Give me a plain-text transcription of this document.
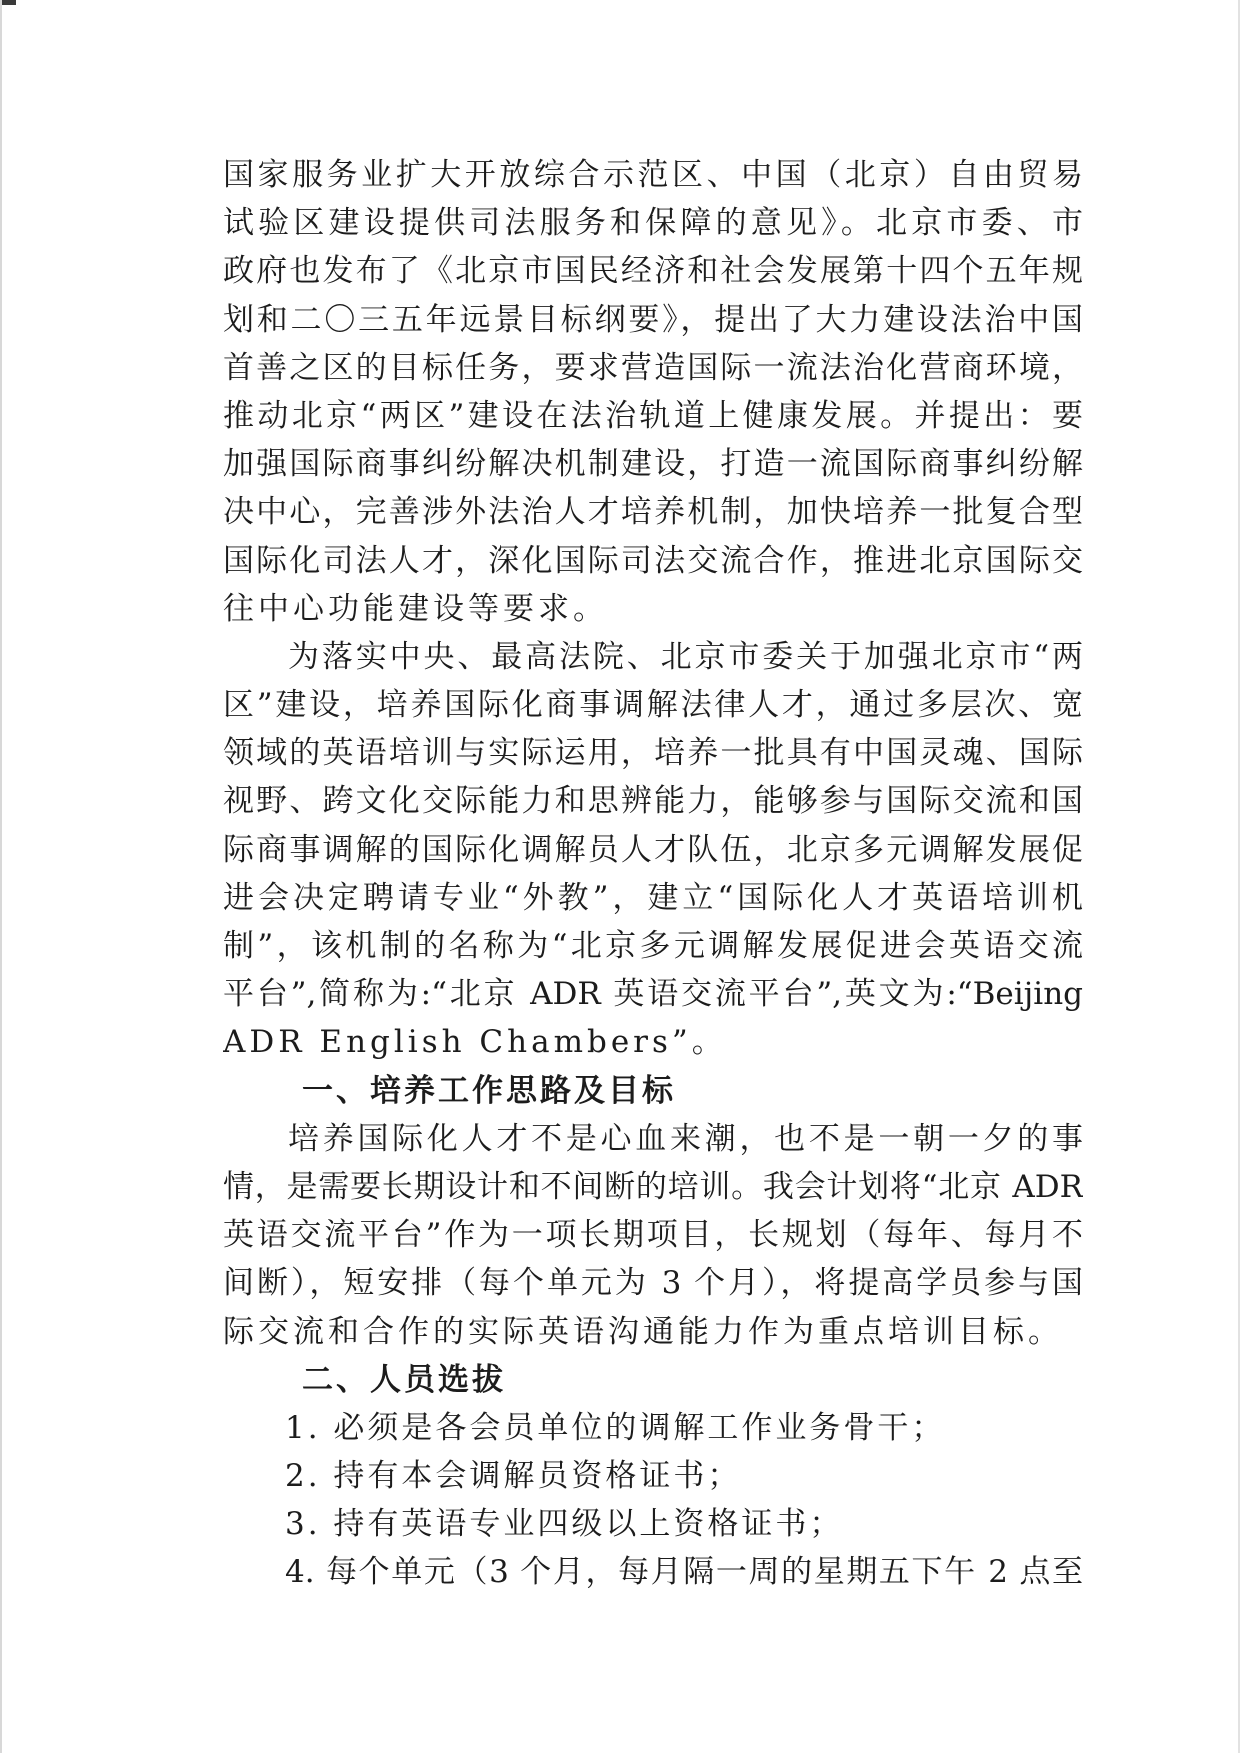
国家服务业扩大开放综合示范区、中国（北京）自由贸易
试验区建设提供司法服务和保障的意见》。北京市委、市
政府也发布了《北京市国民经济和社会发展第十四个五年规
划和二〇三五年远景目标纲要》，提出了大力建设法治中国
首善之区的目标任务，要求营造国际一流法治化营商环境，
推动北京“两区”建设在法治轨道上健康发展。并提出：要
加强国际商事纠纷解决机制建设，打造一流国际商事纠纷解
决中心，完善涉外法治人才培养机制，加快培养一批复合型
国际化司法人才，深化国际司法交流合作，推进北京国际交
往中心功能建设等要求。
为落实中央、最高法院、北京市委关于加强北京市“两
区”建设，培养国际化商事调解法律人才，通过多层次、宽
领域的英语培训与实际运用，培养一批具有中国灵魂、国际
视野、跨文化交际能力和思辨能力，能够参与国际交流和国
际商事调解的国际化调解员人才队伍，北京多元调解发展促
进会决定聘请专业“外教”，建立“国际化人才英语培训机
制”，该机制的名称为“北京多元调解发展促进会英语交流
平台”,简称为:“北京 ADR 英语交流平台”,英文为:“Beijing
ADR English Chambers”。
一、培养工作思路及目标
培养国际化人才不是心血来潮，也不是一朝一夕的事
情，是需要长期设计和不间断的培训。我会计划将“北京 ADR
英语交流平台”作为一项长期项目，长规划（每年、每月不
间断），短安排（每个单元为 3 个月），将提高学员参与国
际交流和合作的实际英语沟通能力作为重点培训目标。
二、人员选拔
1. 必须是各会员单位的调解工作业务骨干；
2. 持有本会调解员资格证书；
3. 持有英语专业四级以上资格证书；
4. 每个单元（3 个月，每月隔一周的星期五下午 2 点至
